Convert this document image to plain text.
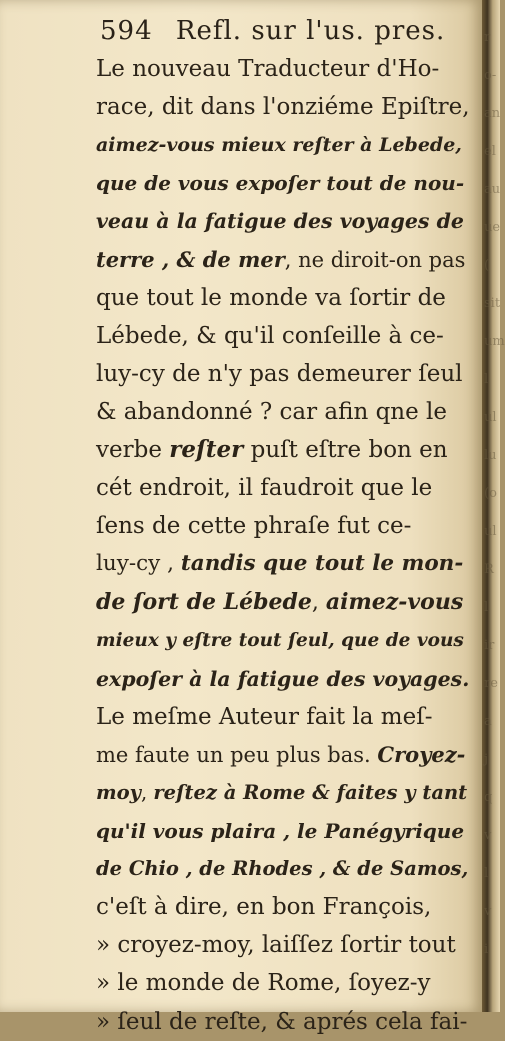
594 Refl. sur l'us. pres.
Le nouveau Traducteur d'Ho-
race, dit dans l'onziéme Epiſtre,
aimez-vous mieux reſter à Lebede,
que de vous expoſer tout de nou-
veau à la fatigue des voyages de
terre , & de mer, ne diroit-on pas
que tout le monde va ſortir de
Lébede, & qu'il conſeille à ce-
luy-cy de n'y pas demeurer ſeul
& abandonné ? car afin qne le
verbe reſter puſt eſtre bon en
cét endroit, il faudroit que le
ſens de cette phraſe fut ce-
luy-cy , tandis que tout le mon-
de ſort de Lébede, aimez-vous
mieux y eſtre tout ſeul, que de vous
expoſer à la fatigue des voyages.
Le meſme Auteur fait la meſ-
me faute un peu plus bas. Croyez-
moy, reſtez à Rome & faites y tant
qu'il vous plaira , le Panégyrique
de Chio , de Rhodes , & de Samos,
c'eſt à dire, en bon François,
» croyez-moy, laiſſez ſortir tout
» le monde de Rome, ſoyez-y
» ſeul de reſte, & aprés cela fai-
r
o-
an
el
au
ue
(
sit
um
l
ul
lu
(o
ul
R
l
ir
re
a
j
q
v
l
v
i
